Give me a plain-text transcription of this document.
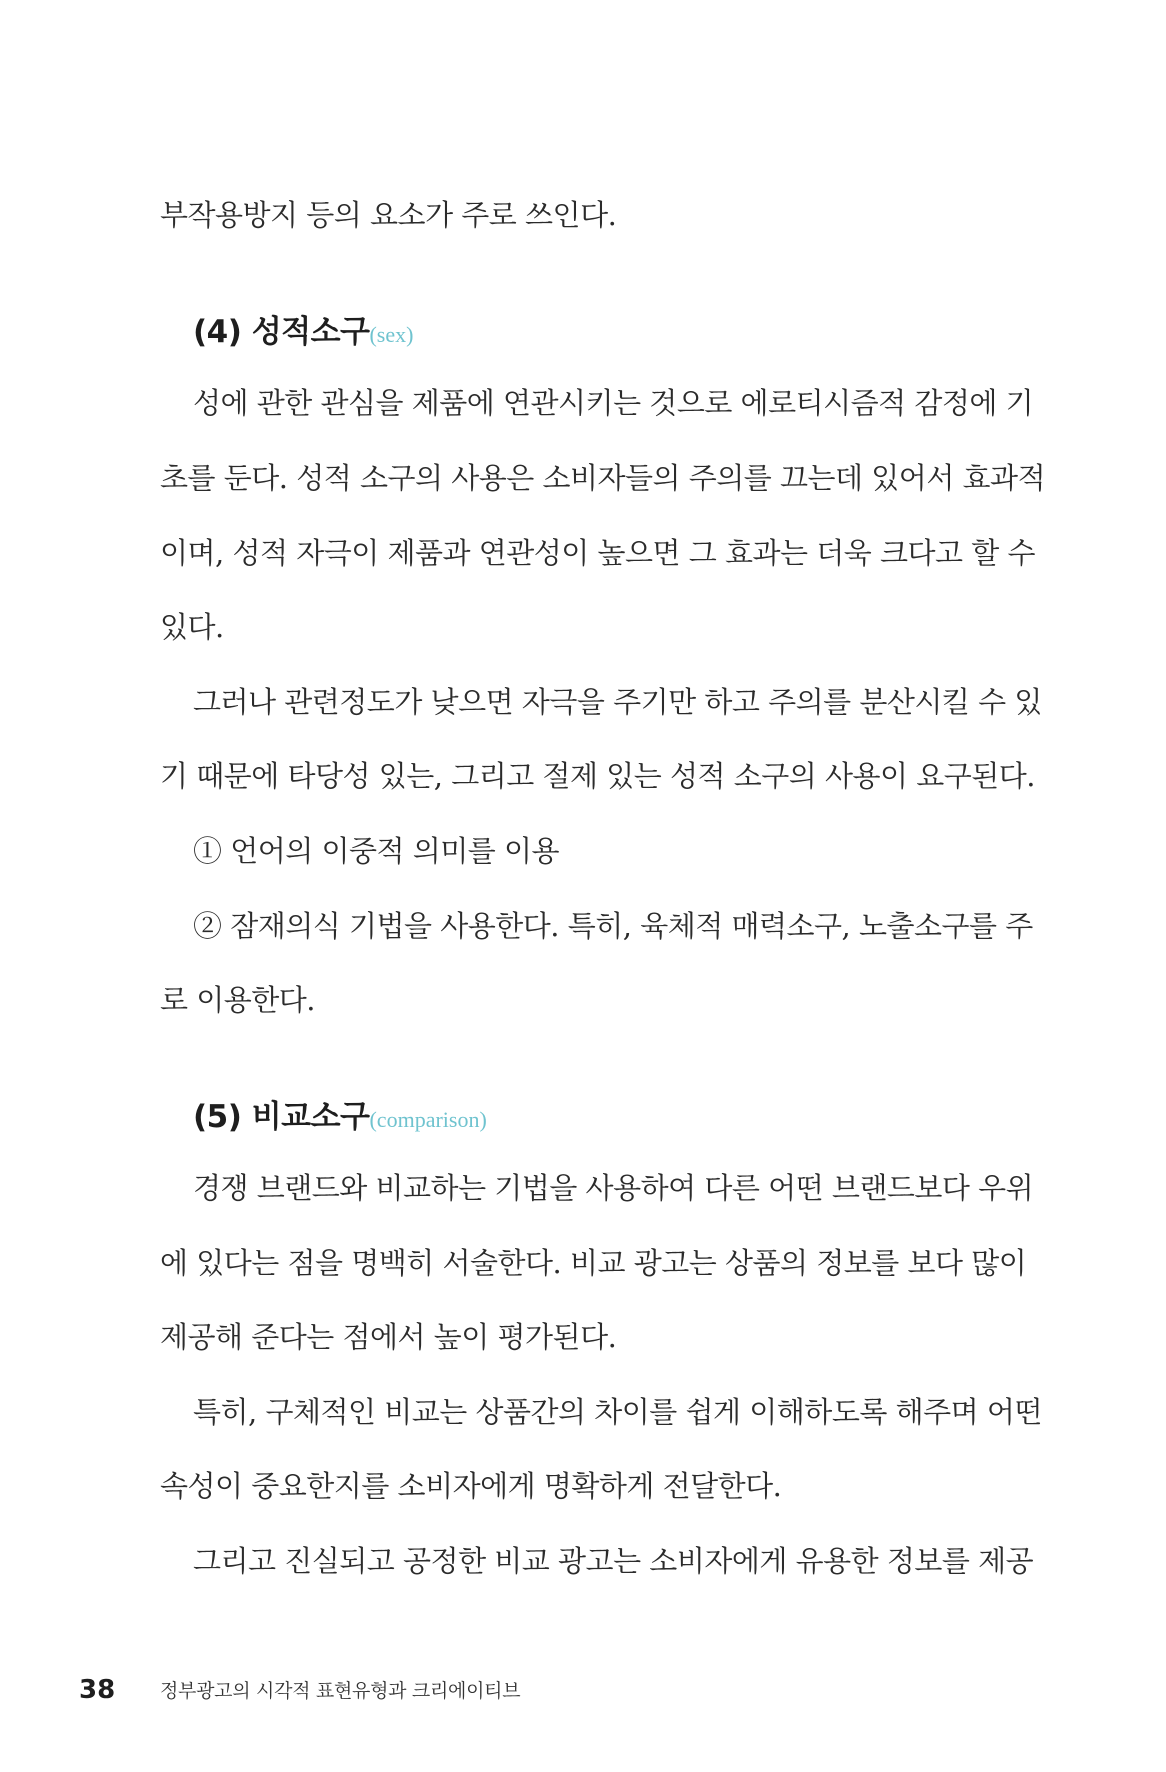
부작용방지 등의 요소가 주로 쓰인다.
(4) 성적소구(sex)
성에 관한 관심을 제품에 연관시키는 것으로 에로티시즘적 감정에 기
초를 둔다. 성적 소구의 사용은 소비자들의 주의를 끄는데 있어서 효과적
이며, 성적 자극이 제품과 연관성이 높으면 그 효과는 더욱 크다고 할 수
있다.
그러나 관련정도가 낮으면 자극을 주기만 하고 주의를 분산시킬 수 있
기 때문에 타당성 있는, 그리고 절제 있는 성적 소구의 사용이 요구된다.
① 언어의 이중적 의미를 이용
② 잠재의식 기법을 사용한다. 특히, 육체적 매력소구, 노출소구를 주
로 이용한다.
(5) 비교소구(comparison)
경쟁 브랜드와 비교하는 기법을 사용하여 다른 어떤 브랜드보다 우위
에 있다는 점을 명백히 서술한다. 비교 광고는 상품의 정보를 보다 많이
제공해 준다는 점에서 높이 평가된다.
특히, 구체적인 비교는 상품간의 차이를 쉽게 이해하도록 해주며 어떤
속성이 중요한지를 소비자에게 명확하게 전달한다.
그리고 진실되고 공정한 비교 광고는 소비자에게 유용한 정보를 제공
38 정부광고의 시각적 표현유형과 크리에이티브
